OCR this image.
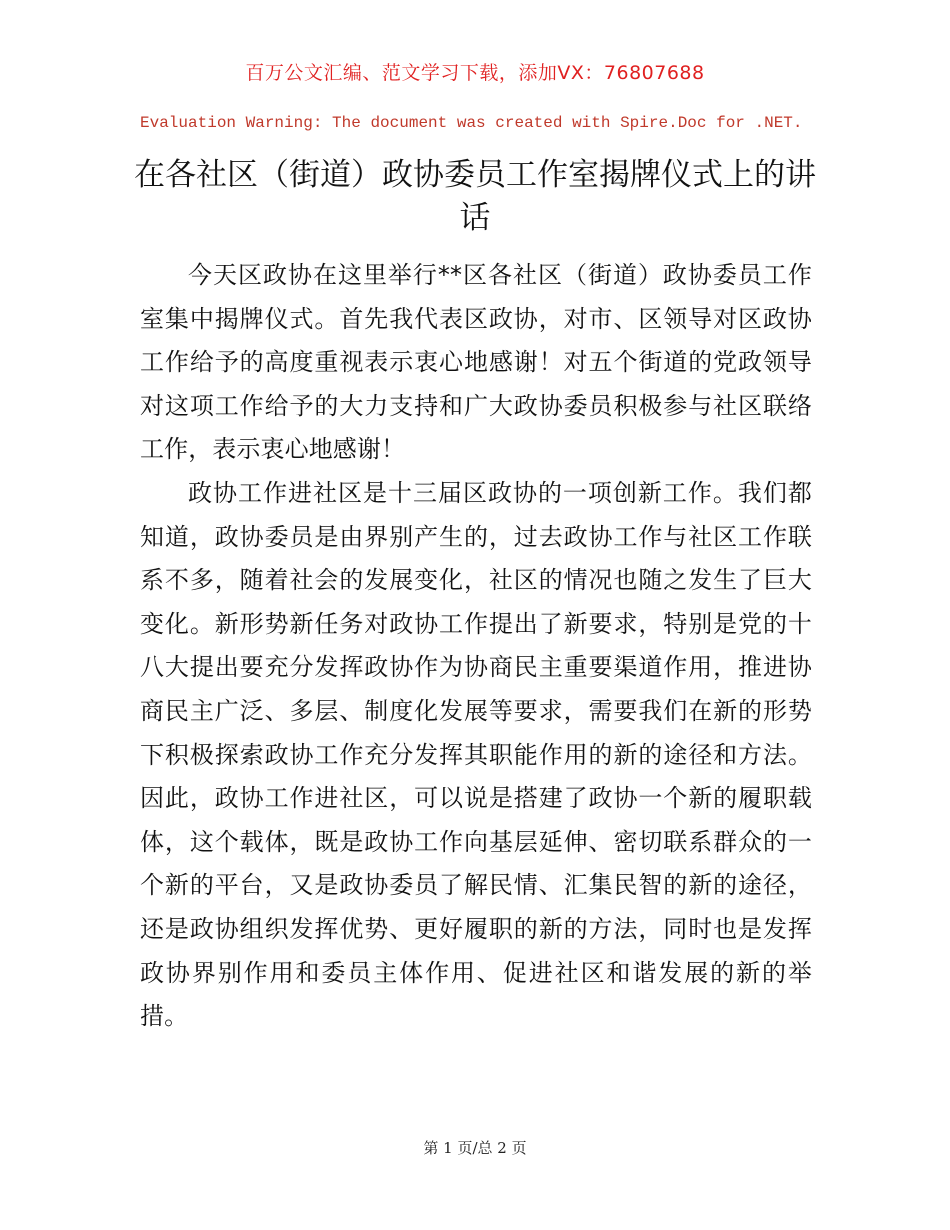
百万公文汇编、范文学习下载，添加VX：76807688
Evaluation Warning: The document was created with Spire.Doc for .NET.
在各社区（街道）政协委员工作室揭牌仪式上的讲话

今天区政协在这里举行**区各社区（街道）政协委员工作室集中揭牌仪式。首先我代表区政协，对市、区领导对区政协工作给予的高度重视表示衷心地感谢！对五个街道的党政领导对这项工作给予的大力支持和广大政协委员积极参与社区联络工作，表示衷心地感谢！

政协工作进社区是十三届区政协的一项创新工作。我们都知道，政协委员是由界别产生的，过去政协工作与社区工作联系不多，随着社会的发展变化，社区的情况也随之发生了巨大变化。新形势新任务对政协工作提出了新要求，特别是党的十八大提出要充分发挥政协作为协商民主重要渠道作用，推进协商民主广泛、多层、制度化发展等要求，需要我们在新的形势下积极探索政协工作充分发挥其职能作用的新的途径和方法。因此，政协工作进社区，可以说是搭建了政协一个新的履职载体，这个载体，既是政协工作向基层延伸、密切联系群众的一个新的平台，又是政协委员了解民情、汇集民智的新的途径，还是政协组织发挥优势、更好履职的新的方法，同时也是发挥政协界别作用和委员主体作用、促进社区和谐发展的新的举措。

第 1 页/总 2 页
